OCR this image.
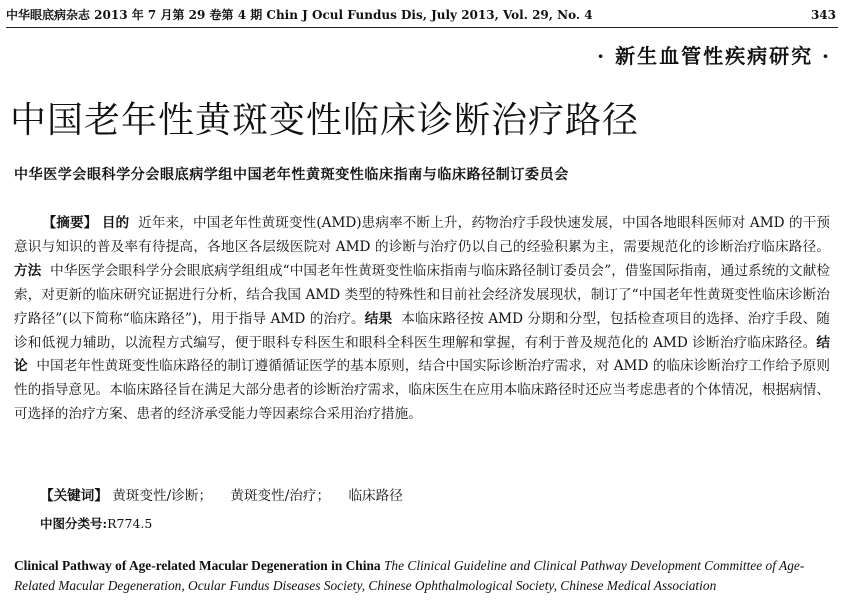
中华眼底病杂志 2013 年 7 月第 29 卷第 4 期 Chin J Ocul Fundus Dis, July 2013, Vol. 29, No. 4	343
· 新生血管性疾病研究 ·
中国老年性黄斑变性临床诊断治疗路径
中华医学会眼科学分会眼底病学组中国老年性黄斑变性临床指南与临床路径制订委员会

【摘要】 目的 近年来，中国老年性黄斑变性(AMD)患病率不断上升，药物治疗手段快速发展，中国各地眼科医师对 AMD 的干预意识与知识的普及率有待提高，各地区各层级医院对 AMD 的诊断与治疗仍以自己的经验积累为主，需要规范化的诊断治疗临床路径。方法 中华医学会眼科学分会眼底病学组组成“中国老年性黄斑变性临床指南与临床路径制订委员会”，借鉴国际指南，通过系统的文献检索，对更新的临床研究证据进行分析，结合我国 AMD 类型的特殊性和目前社会经济发展现状，制订了“中国老年性黄斑变性临床诊断治疗路径”(以下简称“临床路径”)，用于指导 AMD 的治疗。结果 本临床路径按 AMD 分期和分型，包括检查项目的选择、治疗手段、随诊和低视力辅助，以流程方式编写，便于眼科专科医生和眼科全科医生理解和掌握，有利于普及规范化的 AMD 诊断治疗临床路径。结论 中国老年性黄斑变性临床路径的制订遵循循证医学的基本原则，结合中国实际诊断治疗需求，对 AMD 的临床诊断治疗工作给予原则性的指导意见。本临床路径旨在满足大部分患者的诊断治疗需求，临床医生在应用本临床路径时还应当考虑患者的个体情况，根据病情、可选择的治疗方案、患者的经济承受能力等因素综合采用治疗措施。

【关键词】 黄斑变性/诊断； 黄斑变性/治疗； 临床路径
中图分类号:R774.5
Clinical Pathway of Age-related Macular Degeneration in China The Clinical Guideline and Clinical Pathway Development Committee of Age-Related Macular Degeneration, Ocular Fundus Diseases Society, Chinese Ophthalmological Society, Chinese Medical Association
